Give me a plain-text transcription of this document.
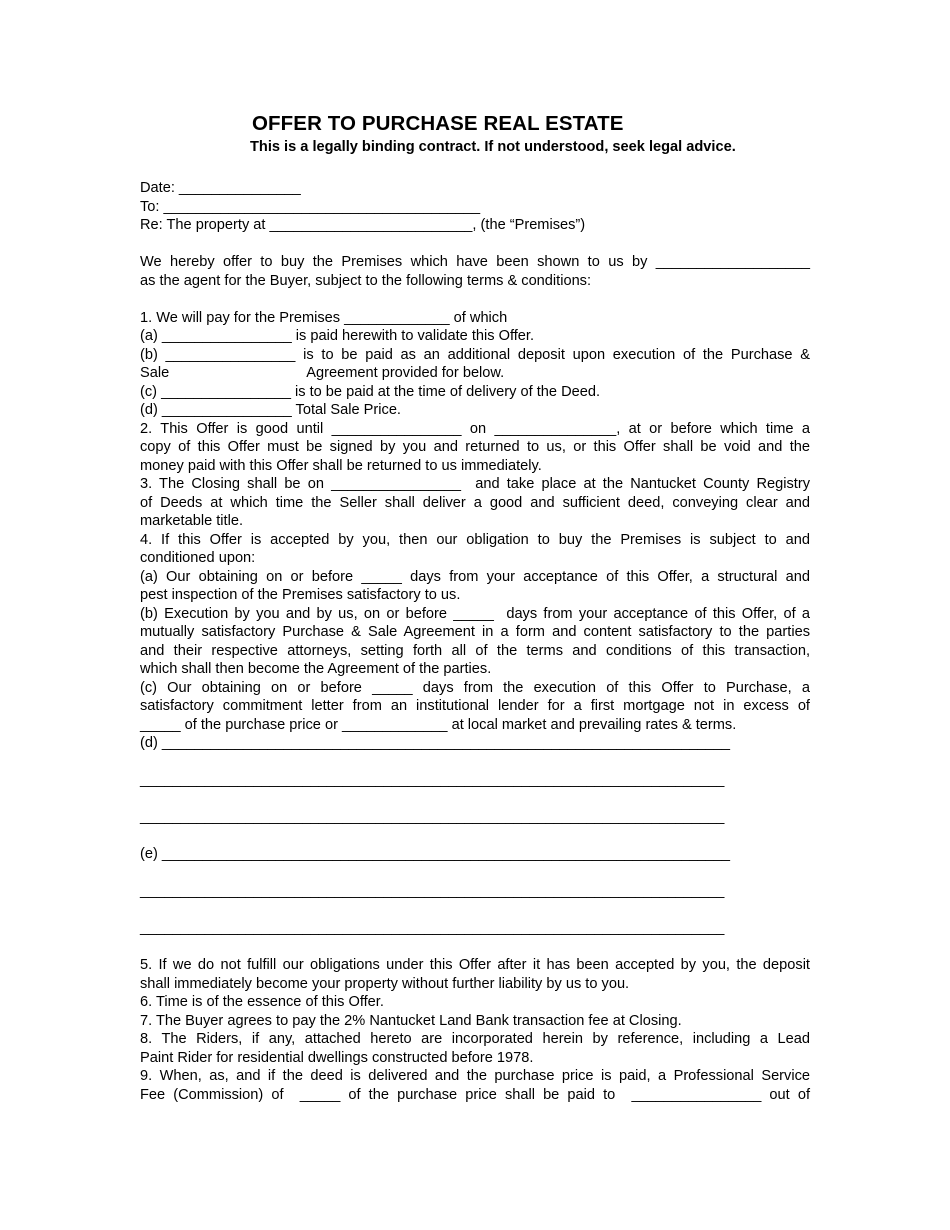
OFFER TO PURCHASE REAL ESTATE
This is a legally binding contract. If not understood, seek legal advice.
Date: _______________
To: _______________________________________
Re: The property at _________________________, (the “Premises”)
We hereby offer to buy the Premises which have been shown to us by ___________________
as the agent for the Buyer, subject to the following terms & conditions:
1. We will pay for the Premises _____________ of which
(a) ________________ is paid herewith to validate this Offer.
(b) ________________ is to be paid as an additional deposit upon execution of the Purchase &
Sale                                  Agreement provided for below.
(c) ________________ is to be paid at the time of delivery of the Deed.
(d) ________________ Total Sale Price.
2. This Offer is good until ________________ on _______________, at or before which time a
copy of this Offer must be signed by you and returned to us, or this Offer shall be void and the
money paid with this Offer shall be returned to us immediately.
3. The Closing shall be on ________________  and take place at the Nantucket County Registry
of Deeds at which time the Seller shall deliver a good and sufficient deed, conveying clear and
marketable title.
4. If this Offer is accepted by you, then our obligation to buy the Premises is subject to and
conditioned upon:
(a) Our obtaining on or before _____ days from your acceptance of this Offer, a structural and
pest inspection of the Premises satisfactory to us.
(b) Execution by you and by us, on or before _____  days from your acceptance of this Offer, of a
mutually satisfactory Purchase & Sale Agreement in a form and content satisfactory to the parties
and their respective attorneys, setting forth all of the terms and conditions of this transaction,
which shall then become the Agreement of the parties.
(c) Our obtaining on or before _____ days from the execution of this Offer to Purchase, a
satisfactory commitment letter from an institutional lender for a first mortgage not in excess of
_____ of the purchase price or _____________ at local market and prevailing rates & terms.
(d) ______________________________________________________________________
________________________________________________________________________
________________________________________________________________________
(e) ______________________________________________________________________
________________________________________________________________________
________________________________________________________________________
5. If we do not fulfill our obligations under this Offer after it has been accepted by you, the deposit
shall immediately become your property without further liability by us to you.
6. Time is of the essence of this Offer.
7. The Buyer agrees to pay the 2% Nantucket Land Bank transaction fee at Closing.
8. The Riders, if any, attached hereto are incorporated herein by reference, including a Lead
Paint Rider for residential dwellings constructed before 1978.
9. When, as, and if the deed is delivered and the purchase price is paid, a Professional Service
Fee (Commission) of  _____ of the purchase price shall be paid to  ________________ out of
